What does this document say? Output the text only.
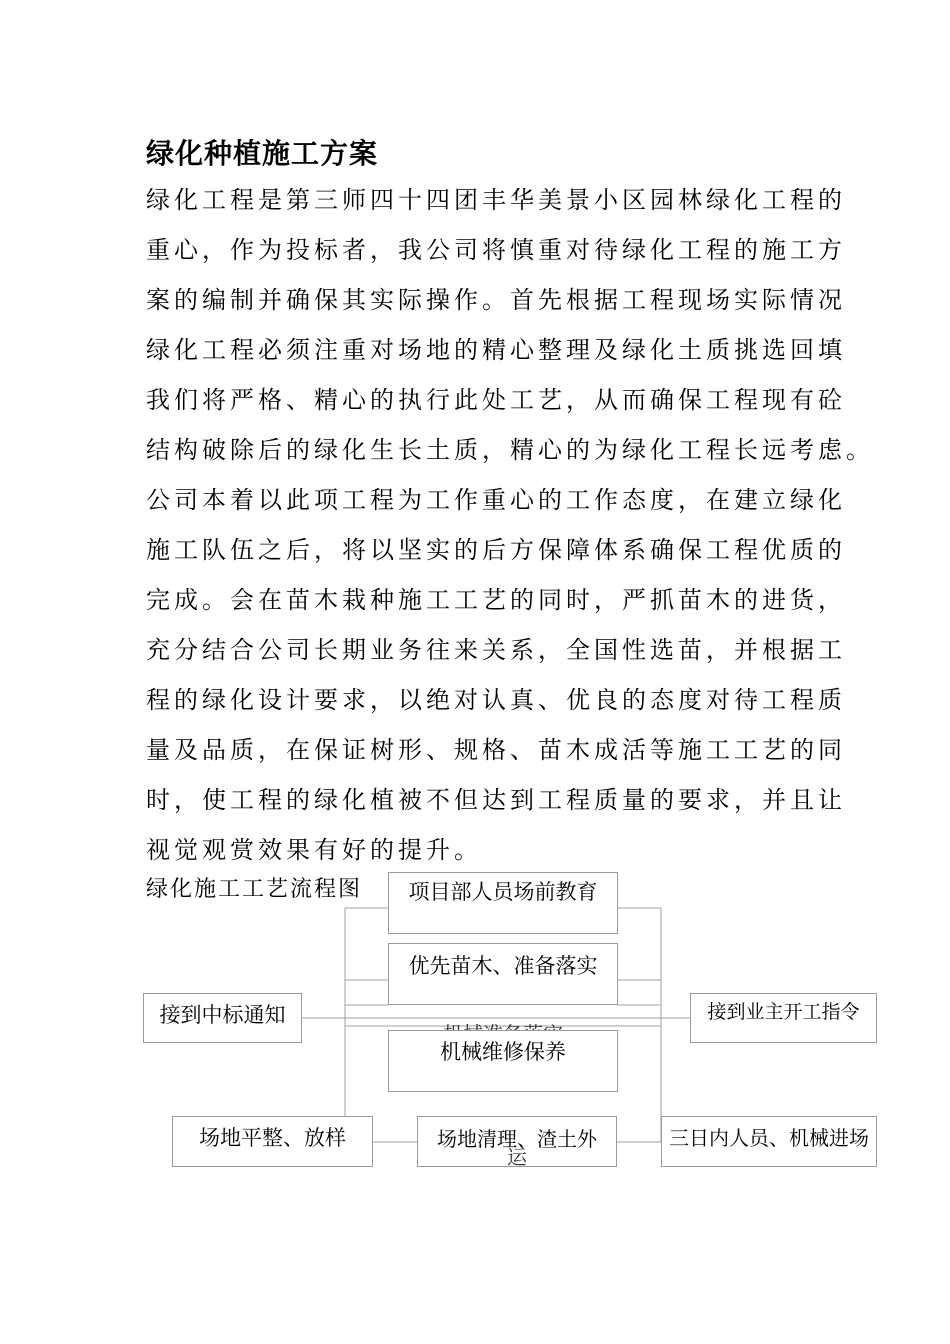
绿化种植施工方案
绿化工程是第三师四十四团丰华美景小区园林绿化工程的
重心，作为投标者，我公司将慎重对待绿化工程的施工方
案的编制并确保其实际操作。首先根据工程现场实际情况
绿化工程必须注重对场地的精心整理及绿化土质挑选回填
我们将严格、精心的执行此处工艺，从而确保工程现有砼
结构破除后的绿化生长土质，精心的为绿化工程长远考虑。
公司本着以此项工程为工作重心的工作态度，在建立绿化
施工队伍之后，将以坚实的后方保障体系确保工程优质的
完成。会在苗木栽种施工工艺的同时，严抓苗木的进货，
充分结合公司长期业务往来关系，全国性选苗，并根据工
程的绿化设计要求，以绝对认真、优良的态度对待工程质
量及品质，在保证树形、规格、苗木成活等施工工艺的同
时，使工程的绿化植被不但达到工程质量的要求，并且让
视觉观赏效果有好的提升。
绿化施工工艺流程图	项目部人员场前教育
优先苗木、准备落实
机械维修保养
接到中标通知	接到业主开工指令
场地平整、放样	场地清理、渣土外
运
三日内人员、机械进场
